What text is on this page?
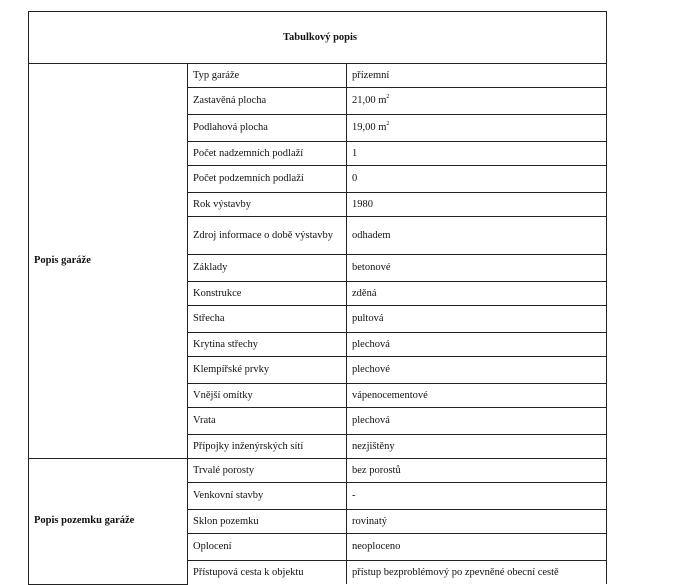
Tabulkový popis		
Popis garáže	Typ garáže	přízemní
	Zastavěná plocha	21,00 $m^2$
	Podlahová plocha	19,00 $m^2$
	Počet nadzemních podlaží	1
	Počet podzemních podlaží	0
	Rok výstavby	1980
	Zdroj informace o době výstavby	odhadem
	Základy	betonové
	Konstrukce	zděná
	Střecha	pultová
	Krytina střechy	plechová
	Klempířské prvky	plechové
	Vnější omítky	vápenocementové
	Vrata	plechová
	Přípojky inženýrských sítí	nezjištěny
Popis pozemku garáže	Trvalé porosty	bez porostů
	Venkovní stavby	-
	Sklon pozemku	rovinatý
	Oplocení	neoploceno
	Přístupová cesta k objektu	přístup bezproblémový po zpevněné obecní cestě
